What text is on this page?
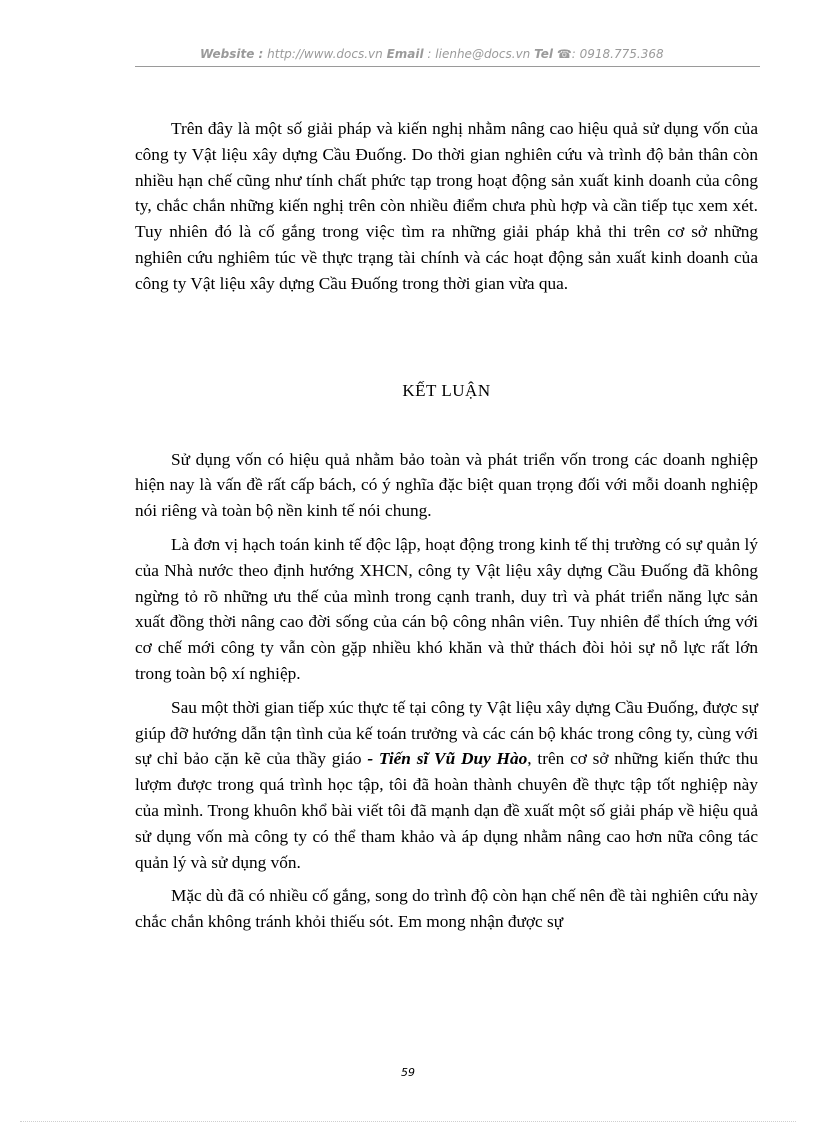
Website : http://www.docs.vn Email : lienhe@docs.vn Tel ☎: 0918.775.368

Trên đây là một số giải pháp và kiến nghị nhằm nâng cao hiệu quả sử dụng vốn của công ty Vật liệu xây dựng Cầu Đuống. Do thời gian nghiên cứu và trình độ bản thân còn nhiều hạn chế cũng như tính chất phức tạp trong hoạt động sản xuất kinh doanh của công ty, chắc chắn những kiến nghị trên còn nhiều điểm chưa phù hợp và cần tiếp tục xem xét. Tuy nhiên đó là cố gắng trong việc tìm ra những giải pháp khả thi trên cơ sở những nghiên cứu nghiêm túc về thực trạng tài chính và các hoạt động sản xuất kinh doanh của công ty Vật liệu xây dựng Cầu Đuống trong thời gian vừa qua.

KẾT LUẬN

Sử dụng vốn có hiệu quả nhằm bảo toàn và phát triển vốn trong các doanh nghiệp hiện nay là vấn đề rất cấp bách, có ý nghĩa đặc biệt quan trọng đối với mỗi doanh nghiệp nói riêng và toàn bộ nền kinh tế nói chung.

Là đơn vị hạch toán kinh tế độc lập, hoạt động trong kinh tế thị trường có sự quản lý của Nhà nước theo định hướng XHCN, công ty Vật liệu xây dựng Cầu Đuống đã không ngừng tỏ rõ những ưu thế của mình trong cạnh tranh, duy trì và phát triển năng lực sản xuất đồng thời nâng cao đời sống của cán bộ công nhân viên. Tuy nhiên để thích ứng với cơ chế mới công ty vẫn còn gặp nhiều khó khăn và thử thách đòi hỏi sự nỗ lực rất lớn trong toàn bộ xí nghiệp.

Sau một thời gian tiếp xúc thực tế tại công ty Vật liệu xây dựng Cầu Đuống, được sự giúp đỡ hướng dẫn tận tình của kế toán trưởng và các cán bộ khác trong công ty, cùng với sự chỉ bảo cặn kẽ của thầy giáo - Tiến sĩ Vũ Duy Hào, trên cơ sở những kiến thức thu lượm được trong quá trình học tập, tôi đã hoàn thành chuyên đề thực tập tốt nghiệp này của mình. Trong khuôn khổ bài viết tôi đã mạnh dạn đề xuất một số giải pháp về hiệu quả sử dụng vốn mà công ty có thể tham khảo và áp dụng nhằm nâng cao hơn nữa công tác quản lý và sử dụng vốn.

Mặc dù đã có nhiều cố gắng, song do trình độ còn hạn chế nên đề tài nghiên cứu này chắc chắn không tránh khỏi thiếu sót. Em mong nhận được sự

59
